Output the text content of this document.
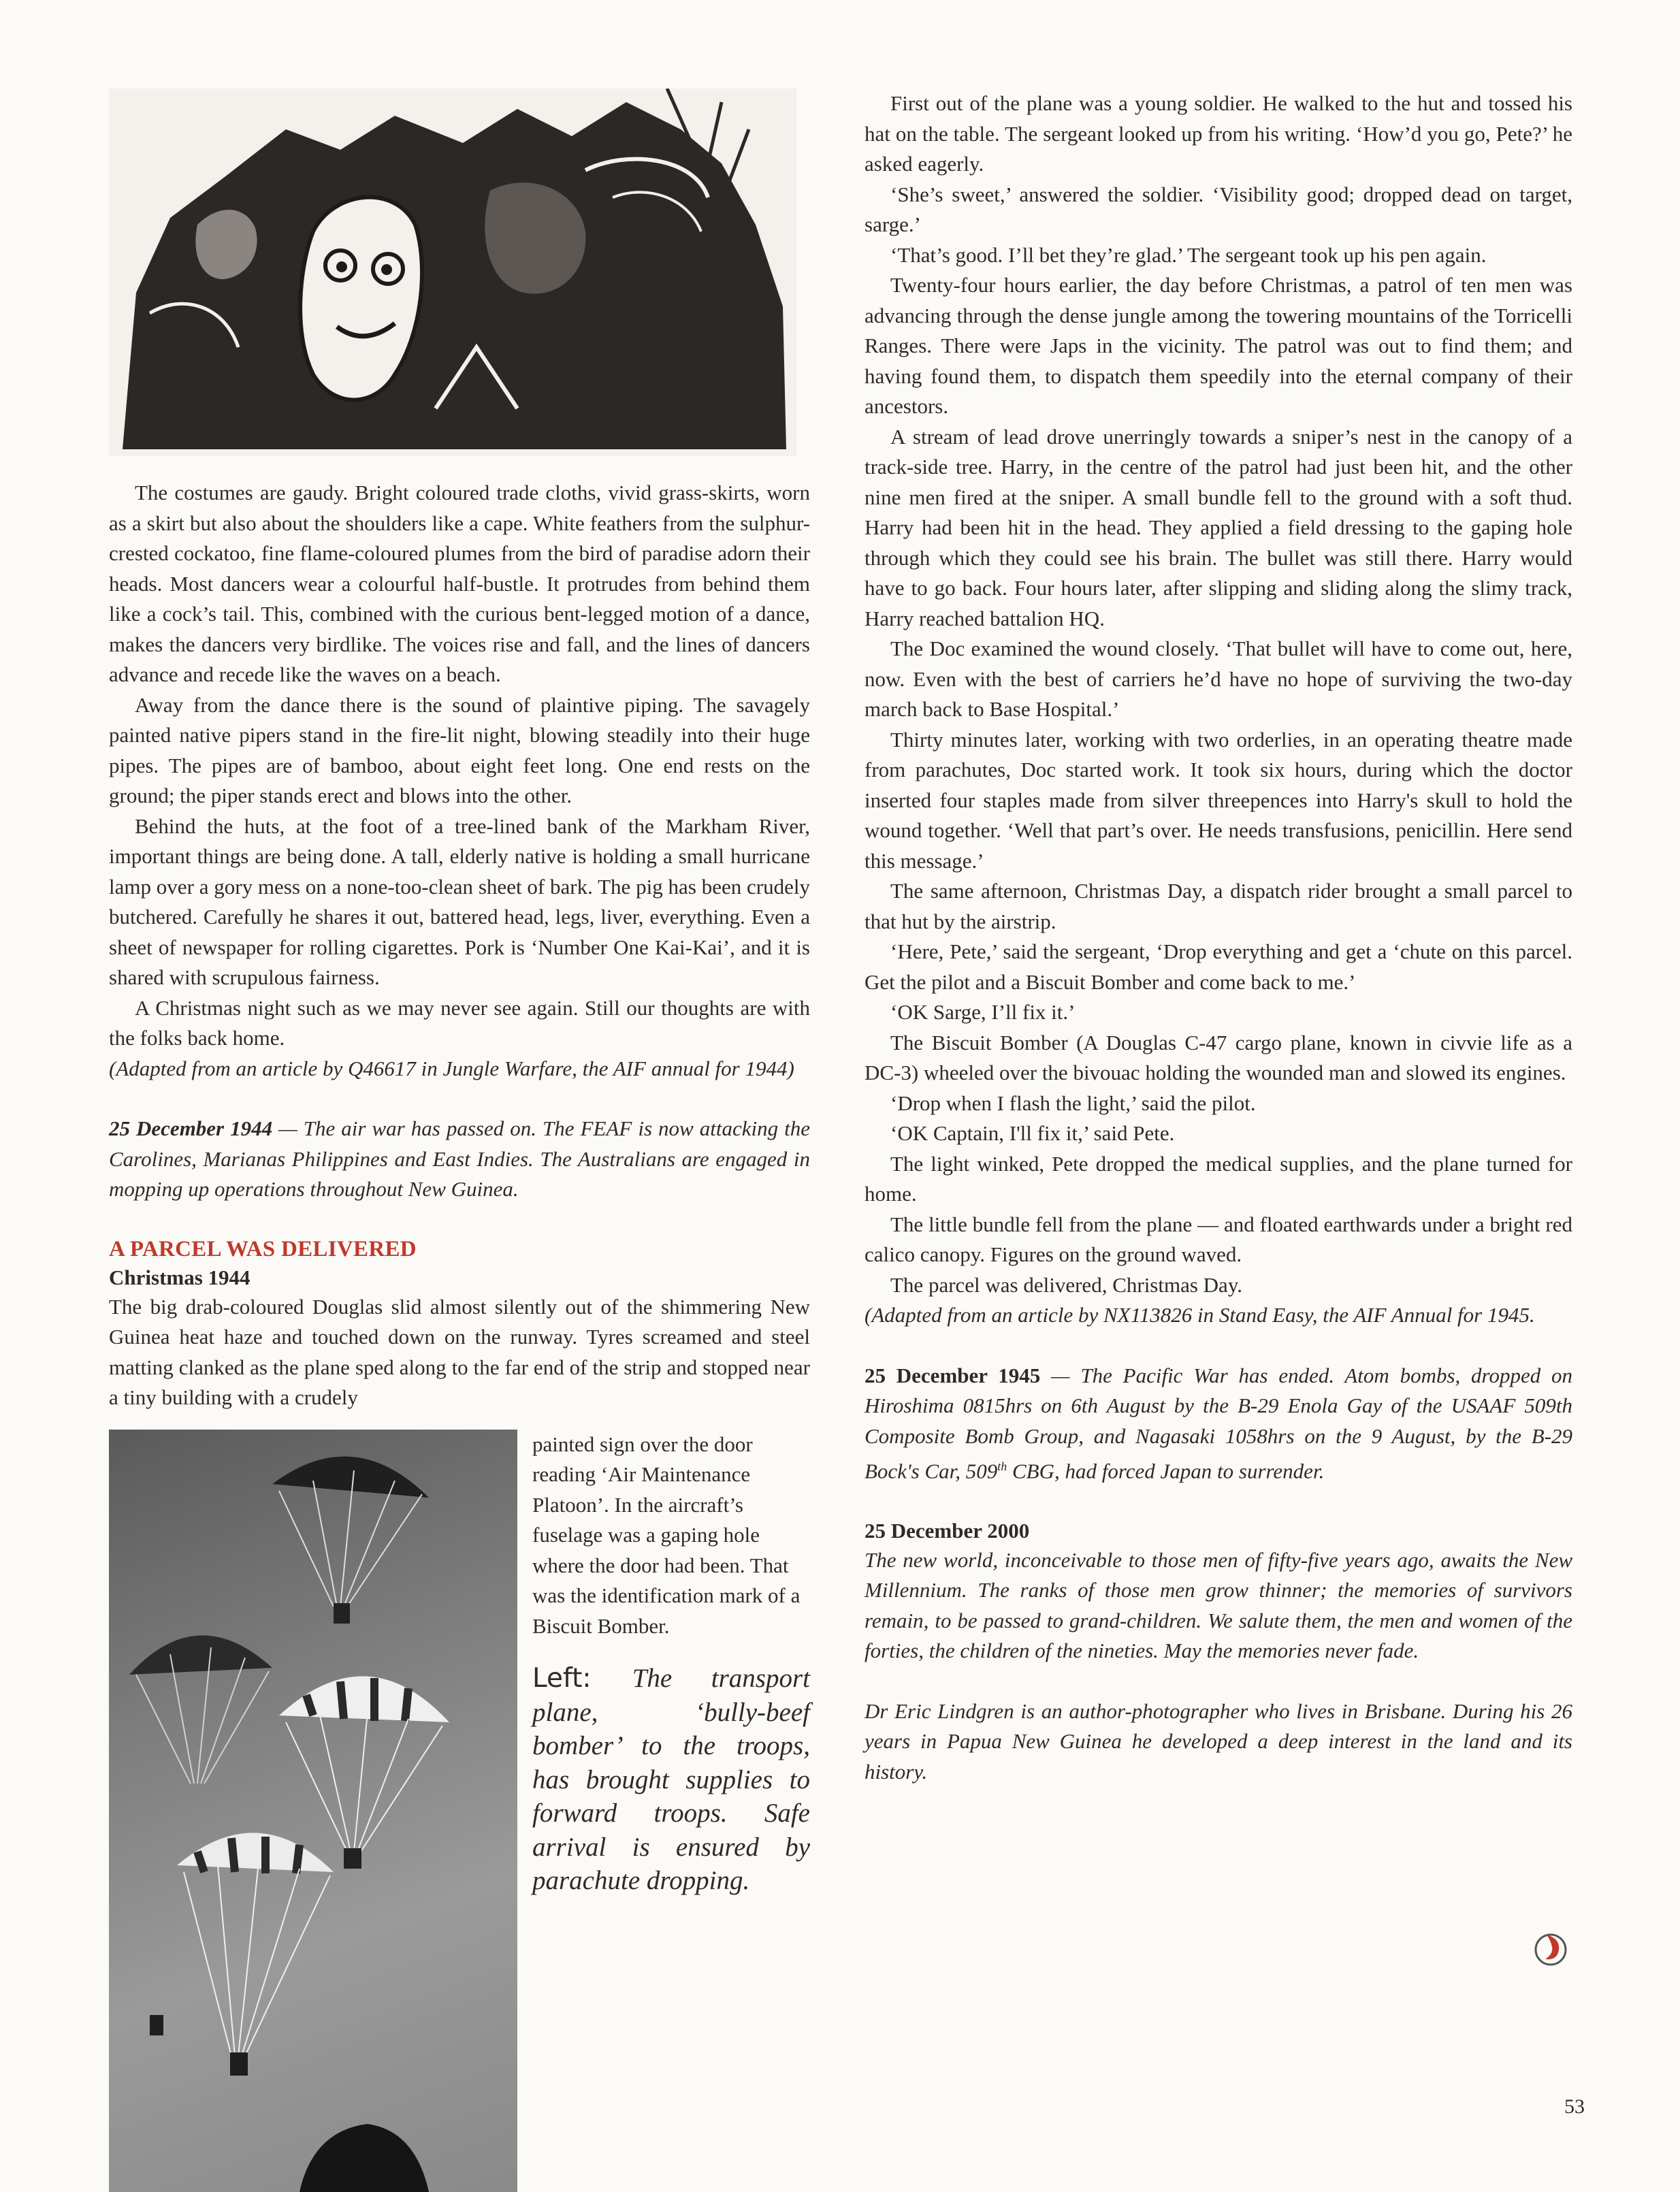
The costumes are gaudy. Bright coloured trade cloths, vivid grass-skirts, worn as a skirt but also about the shoulders like a cape. White feathers from the sulphur-crested cockatoo, fine flame-coloured plumes from the bird of paradise adorn their heads. Most dancers wear a colourful half-bustle. It protrudes from behind them like a cock’s tail. This, combined with the curious bent-legged motion of a dance, makes the dancers very birdlike. The voices rise and fall, and the lines of dancers advance and recede like the waves on a beach.

Away from the dance there is the sound of plaintive piping. The savagely painted native pipers stand in the fire-lit night, blowing steadily into their huge pipes. The pipes are of bamboo, about eight feet long. One end rests on the ground; the piper stands erect and blows into the other.

Behind the huts, at the foot of a tree-lined bank of the Markham River, important things are being done. A tall, elderly native is holding a small hurricane lamp over a gory mess on a none-too-clean sheet of bark. The pig has been crudely butchered. Carefully he shares it out, battered head, legs, liver, everything. Even a sheet of newspaper for rolling cigarettes. Pork is ‘Number One Kai-Kai’, and it is shared with scrupulous fairness.

A Christmas night such as we may never see again. Still our thoughts are with the folks back home.

(Adapted from an article by Q46617 in Jungle Warfare, the AIF annual for 1944)

25 December 1944 — The air war has passed on. The FEAF is now attacking the Carolines, Marianas Philippines and East Indies. The Australians are engaged in mopping up operations throughout New Guinea.

A PARCEL WAS DELIVERED
Christmas 1944

The big drab-coloured Douglas slid almost silently out of the shimmering New Guinea heat haze and touched down on the runway. Tyres screamed and steel matting clanked as the plane sped along to the far end of the strip and stopped near a tiny building with a crudely

painted sign over the door reading ‘Air Maintenance Platoon’. In the aircraft’s fuselage was a gaping hole where the door had been. That was the identification mark of a Biscuit Bomber.

Left: The transport plane, ‘bully-beef bomber’ to the troops, has brought supplies to forward troops. Safe arrival is ensured by parachute dropping.

First out of the plane was a young soldier. He walked to the hut and tossed his hat on the table. The sergeant looked up from his writing. ‘How’d you go, Pete?’ he asked eagerly.

‘She’s sweet,’ answered the soldier. ‘Visibility good; dropped dead on target, sarge.’

‘That’s good. I’ll bet they’re glad.’ The sergeant took up his pen again.

Twenty-four hours earlier, the day before Christmas, a patrol of ten men was advancing through the dense jungle among the towering mountains of the Torricelli Ranges. There were Japs in the vicinity. The patrol was out to find them; and having found them, to dispatch them speedily into the eternal company of their ancestors.

A stream of lead drove unerringly towards a sniper’s nest in the canopy of a track-side tree. Harry, in the centre of the patrol had just been hit, and the other nine men fired at the sniper. A small bundle fell to the ground with a soft thud. Harry had been hit in the head. They applied a field dressing to the gaping hole through which they could see his brain. The bullet was still there. Harry would have to go back. Four hours later, after slipping and sliding along the slimy track, Harry reached battalion HQ.

The Doc examined the wound closely. ‘That bullet will have to come out, here, now. Even with the best of carriers he’d have no hope of surviving the two-day march back to Base Hospital.’

Thirty minutes later, working with two orderlies, in an operating theatre made from parachutes, Doc started work. It took six hours, during which the doctor inserted four staples made from silver threepences into Harry's skull to hold the wound together. ‘Well that part’s over. He needs transfusions, penicillin. Here send this message.’

The same afternoon, Christmas Day, a dispatch rider brought a small parcel to that hut by the airstrip.

‘Here, Pete,’ said the sergeant, ‘Drop everything and get a ‘chute on this parcel. Get the pilot and a Biscuit Bomber and come back to me.’

‘OK Sarge, I’ll fix it.’

The Biscuit Bomber (A Douglas C-47 cargo plane, known in civvie life as a DC-3) wheeled over the bivouac holding the wounded man and slowed its engines.

‘Drop when I flash the light,’ said the pilot.

‘OK Captain, I'll fix it,’ said Pete.

The light winked, Pete dropped the medical supplies, and the plane turned for home.

The little bundle fell from the plane — and floated earthwards under a bright red calico canopy. Figures on the ground waved.

The parcel was delivered, Christmas Day.

(Adapted from an article by NX113826 in Stand Easy, the AIF Annual for 1945.

25 December 1945 — The Pacific War has ended. Atom bombs, dropped on Hiroshima 0815hrs on 6th August by the B-29 Enola Gay of the USAAF 509th Composite Bomb Group, and Nagasaki 1058hrs on the 9 August, by the B-29 Bock's Car, 509th CBG, had forced Japan to surrender.

25 December 2000

The new world, inconceivable to those men of fifty-five years ago, awaits the New Millennium. The ranks of those men grow thinner; the memories of survivors remain, to be passed to grand-children. We salute them, the men and women of the forties, the children of the nineties. May the memories never fade.

Dr Eric Lindgren is an author-photographer who lives in Brisbane. During his 26 years in Papua New Guinea he developed a deep interest in the land and its history.

53
